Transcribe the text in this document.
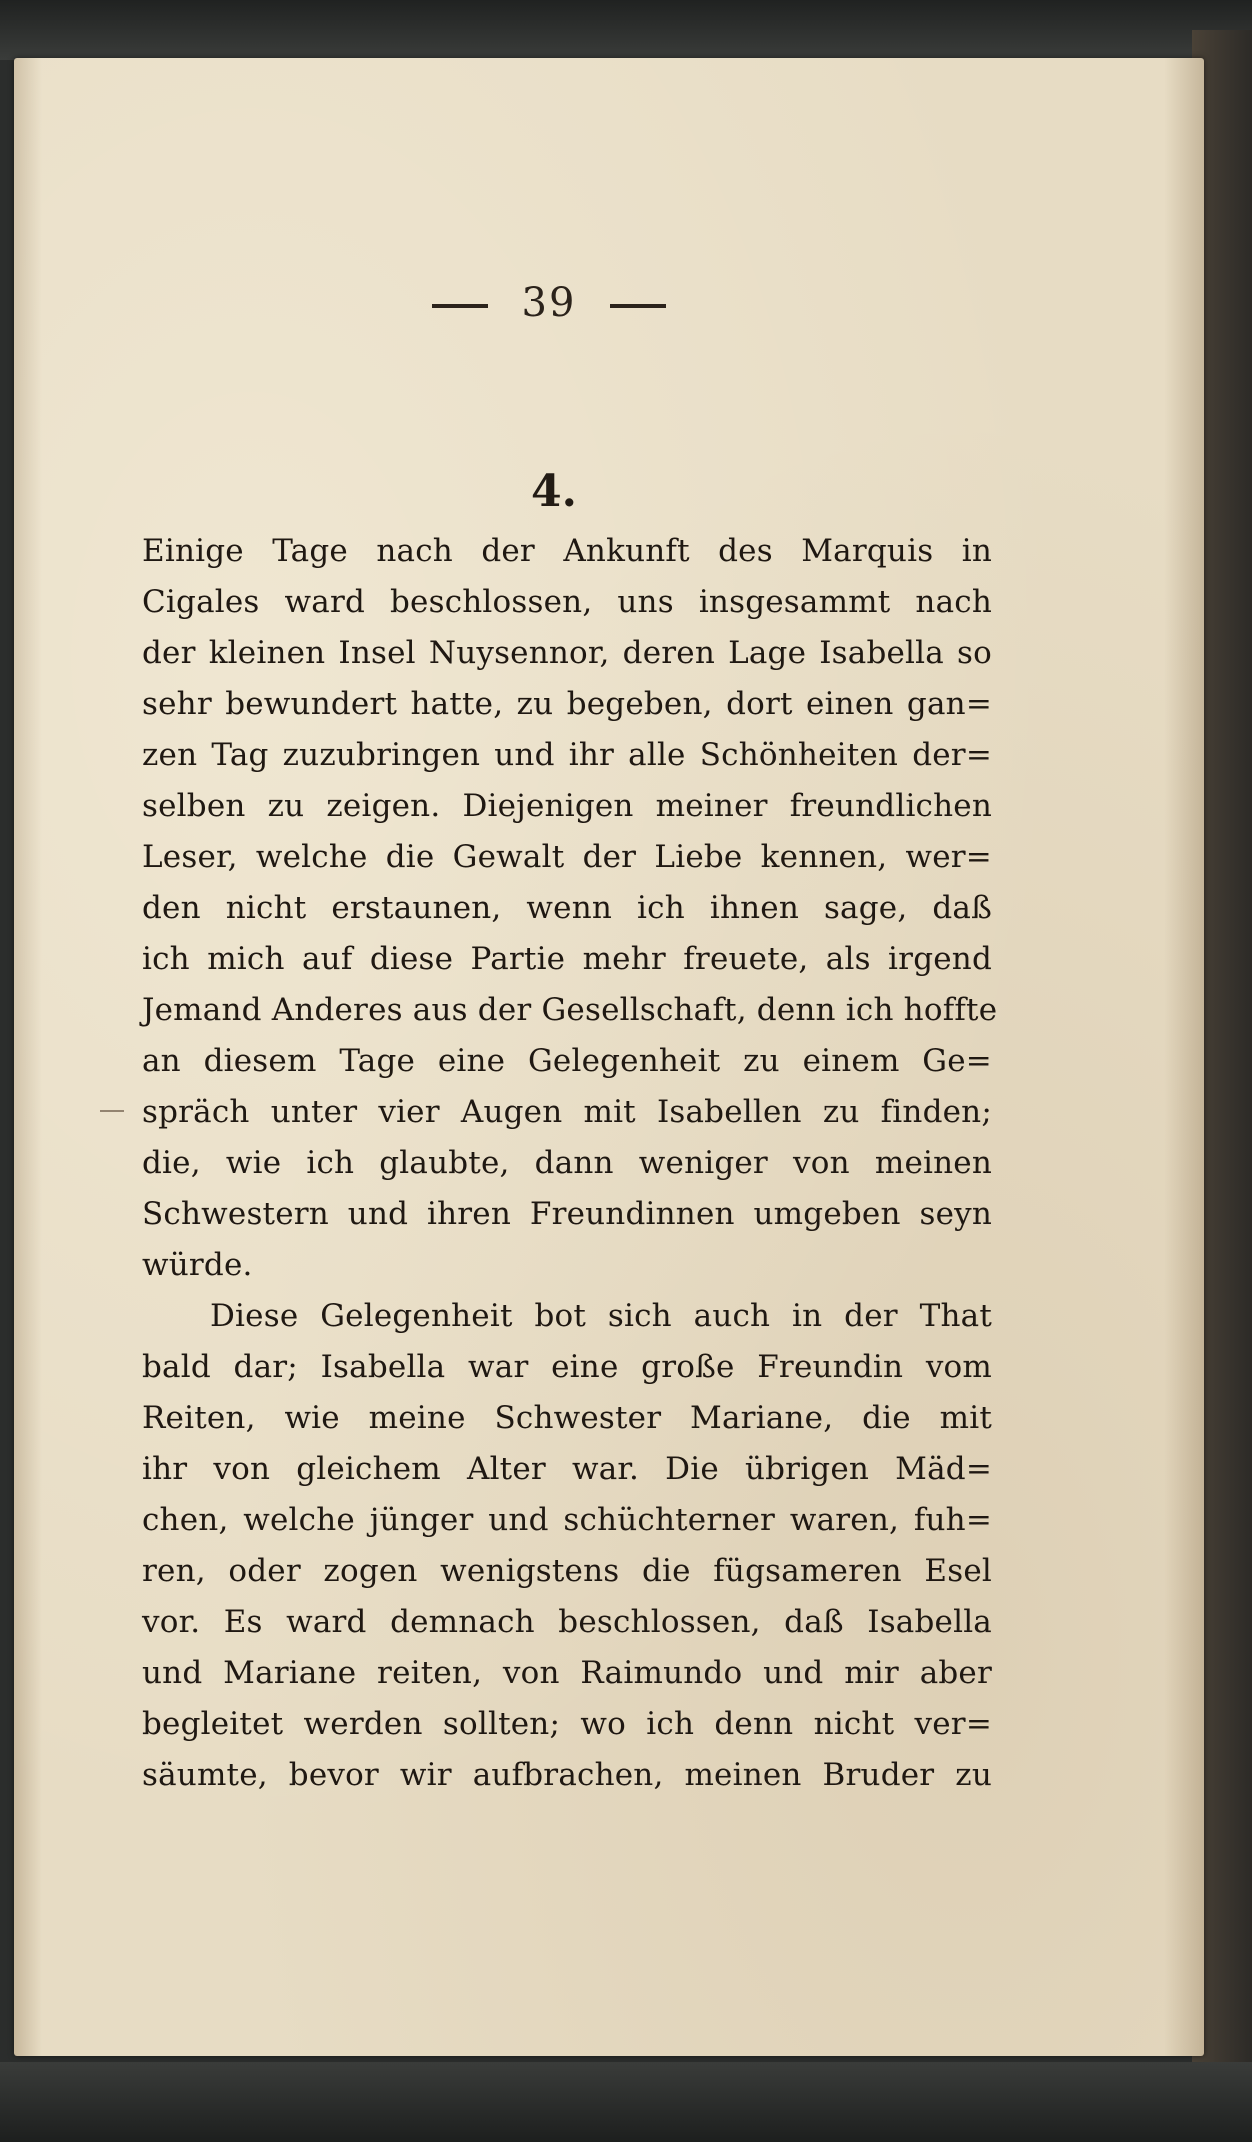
39
4.
Einige Tage nach der Ankunft des Marquis in
Cigales ward beschlossen, uns insgesammt nach
der kleinen Insel Nuysennor, deren Lage Isabella so
sehr bewundert hatte, zu begeben, dort einen gan=
zen Tag zuzubringen und ihr alle Schönheiten der=
selben zu zeigen. Diejenigen meiner freundlichen
Leser, welche die Gewalt der Liebe kennen, wer=
den nicht erstaunen, wenn ich ihnen sage, daß
ich mich auf diese Partie mehr freuete, als irgend
Jemand Anderes aus der Gesellschaft, denn ich hoffte
an diesem Tage eine Gelegenheit zu einem Ge=
spräch unter vier Augen mit Isabellen zu finden;
die, wie ich glaubte, dann weniger von meinen
Schwestern und ihren Freundinnen umgeben seyn
würde.
Diese Gelegenheit bot sich auch in der That
bald dar; Isabella war eine große Freundin vom
Reiten, wie meine Schwester Mariane, die mit
ihr von gleichem Alter war. Die übrigen Mäd=
chen, welche jünger und schüchterner waren, fuh=
ren, oder zogen wenigstens die fügsameren Esel
vor. Es ward demnach beschlossen, daß Isabella
und Mariane reiten, von Raimundo und mir aber
begleitet werden sollten; wo ich denn nicht ver=
säumte, bevor wir aufbrachen, meinen Bruder zu
